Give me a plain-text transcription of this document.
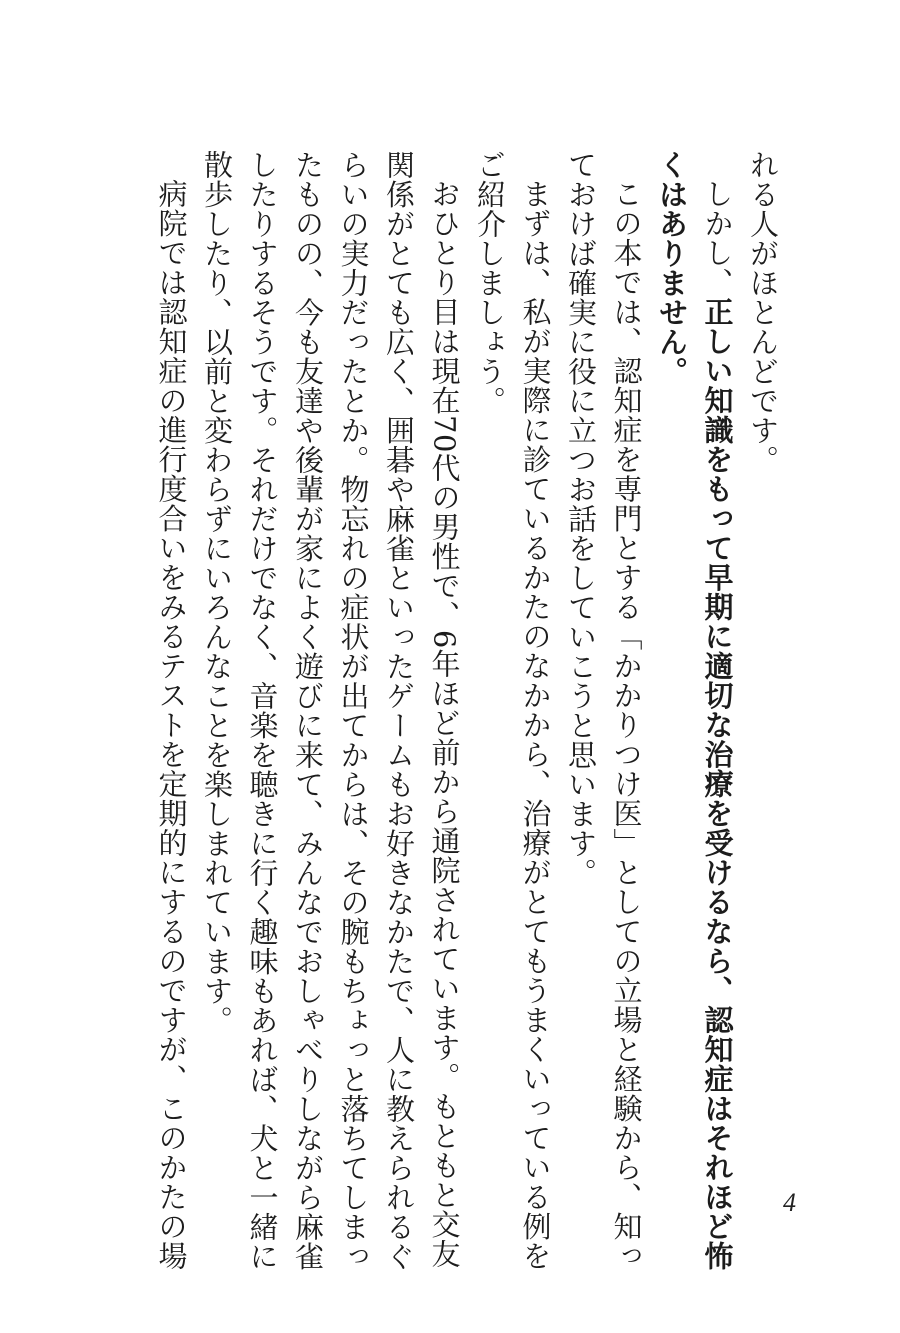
れる人がほとんどです。
しかし、正しい知識をもって早期に適切な治療を受けるなら、認知症はそれほど怖
くはありません。
この本では、認知症を専門とする「かかりつけ医」としての立場と経験から、知っ
ておけば確実に役に立つお話をしていこうと思います。
まずは、私が実際に診ているかたのなかから、治療がとてもうまくいっている例を
ご紹介しましょう。
おひとり目は現在70代の男性で、6年ほど前から通院されています。もともと交友
関係がとても広く、囲碁や麻雀といったゲームもお好きなかたで、人に教えられるぐ
らいの実力だったとか。物忘れの症状が出てからは、その腕もちょっと落ちてしまっ
たものの、今も友達や後輩が家によく遊びに来て、みんなでおしゃべりしながら麻雀
したりするそうです。それだけでなく、音楽を聴きに行く趣味もあれば、犬と一緒に
散歩したり、以前と変わらずにいろんなことを楽しまれています。
病院では認知症の進行度合いをみるテストを定期的にするのですが、このかたの場	4
